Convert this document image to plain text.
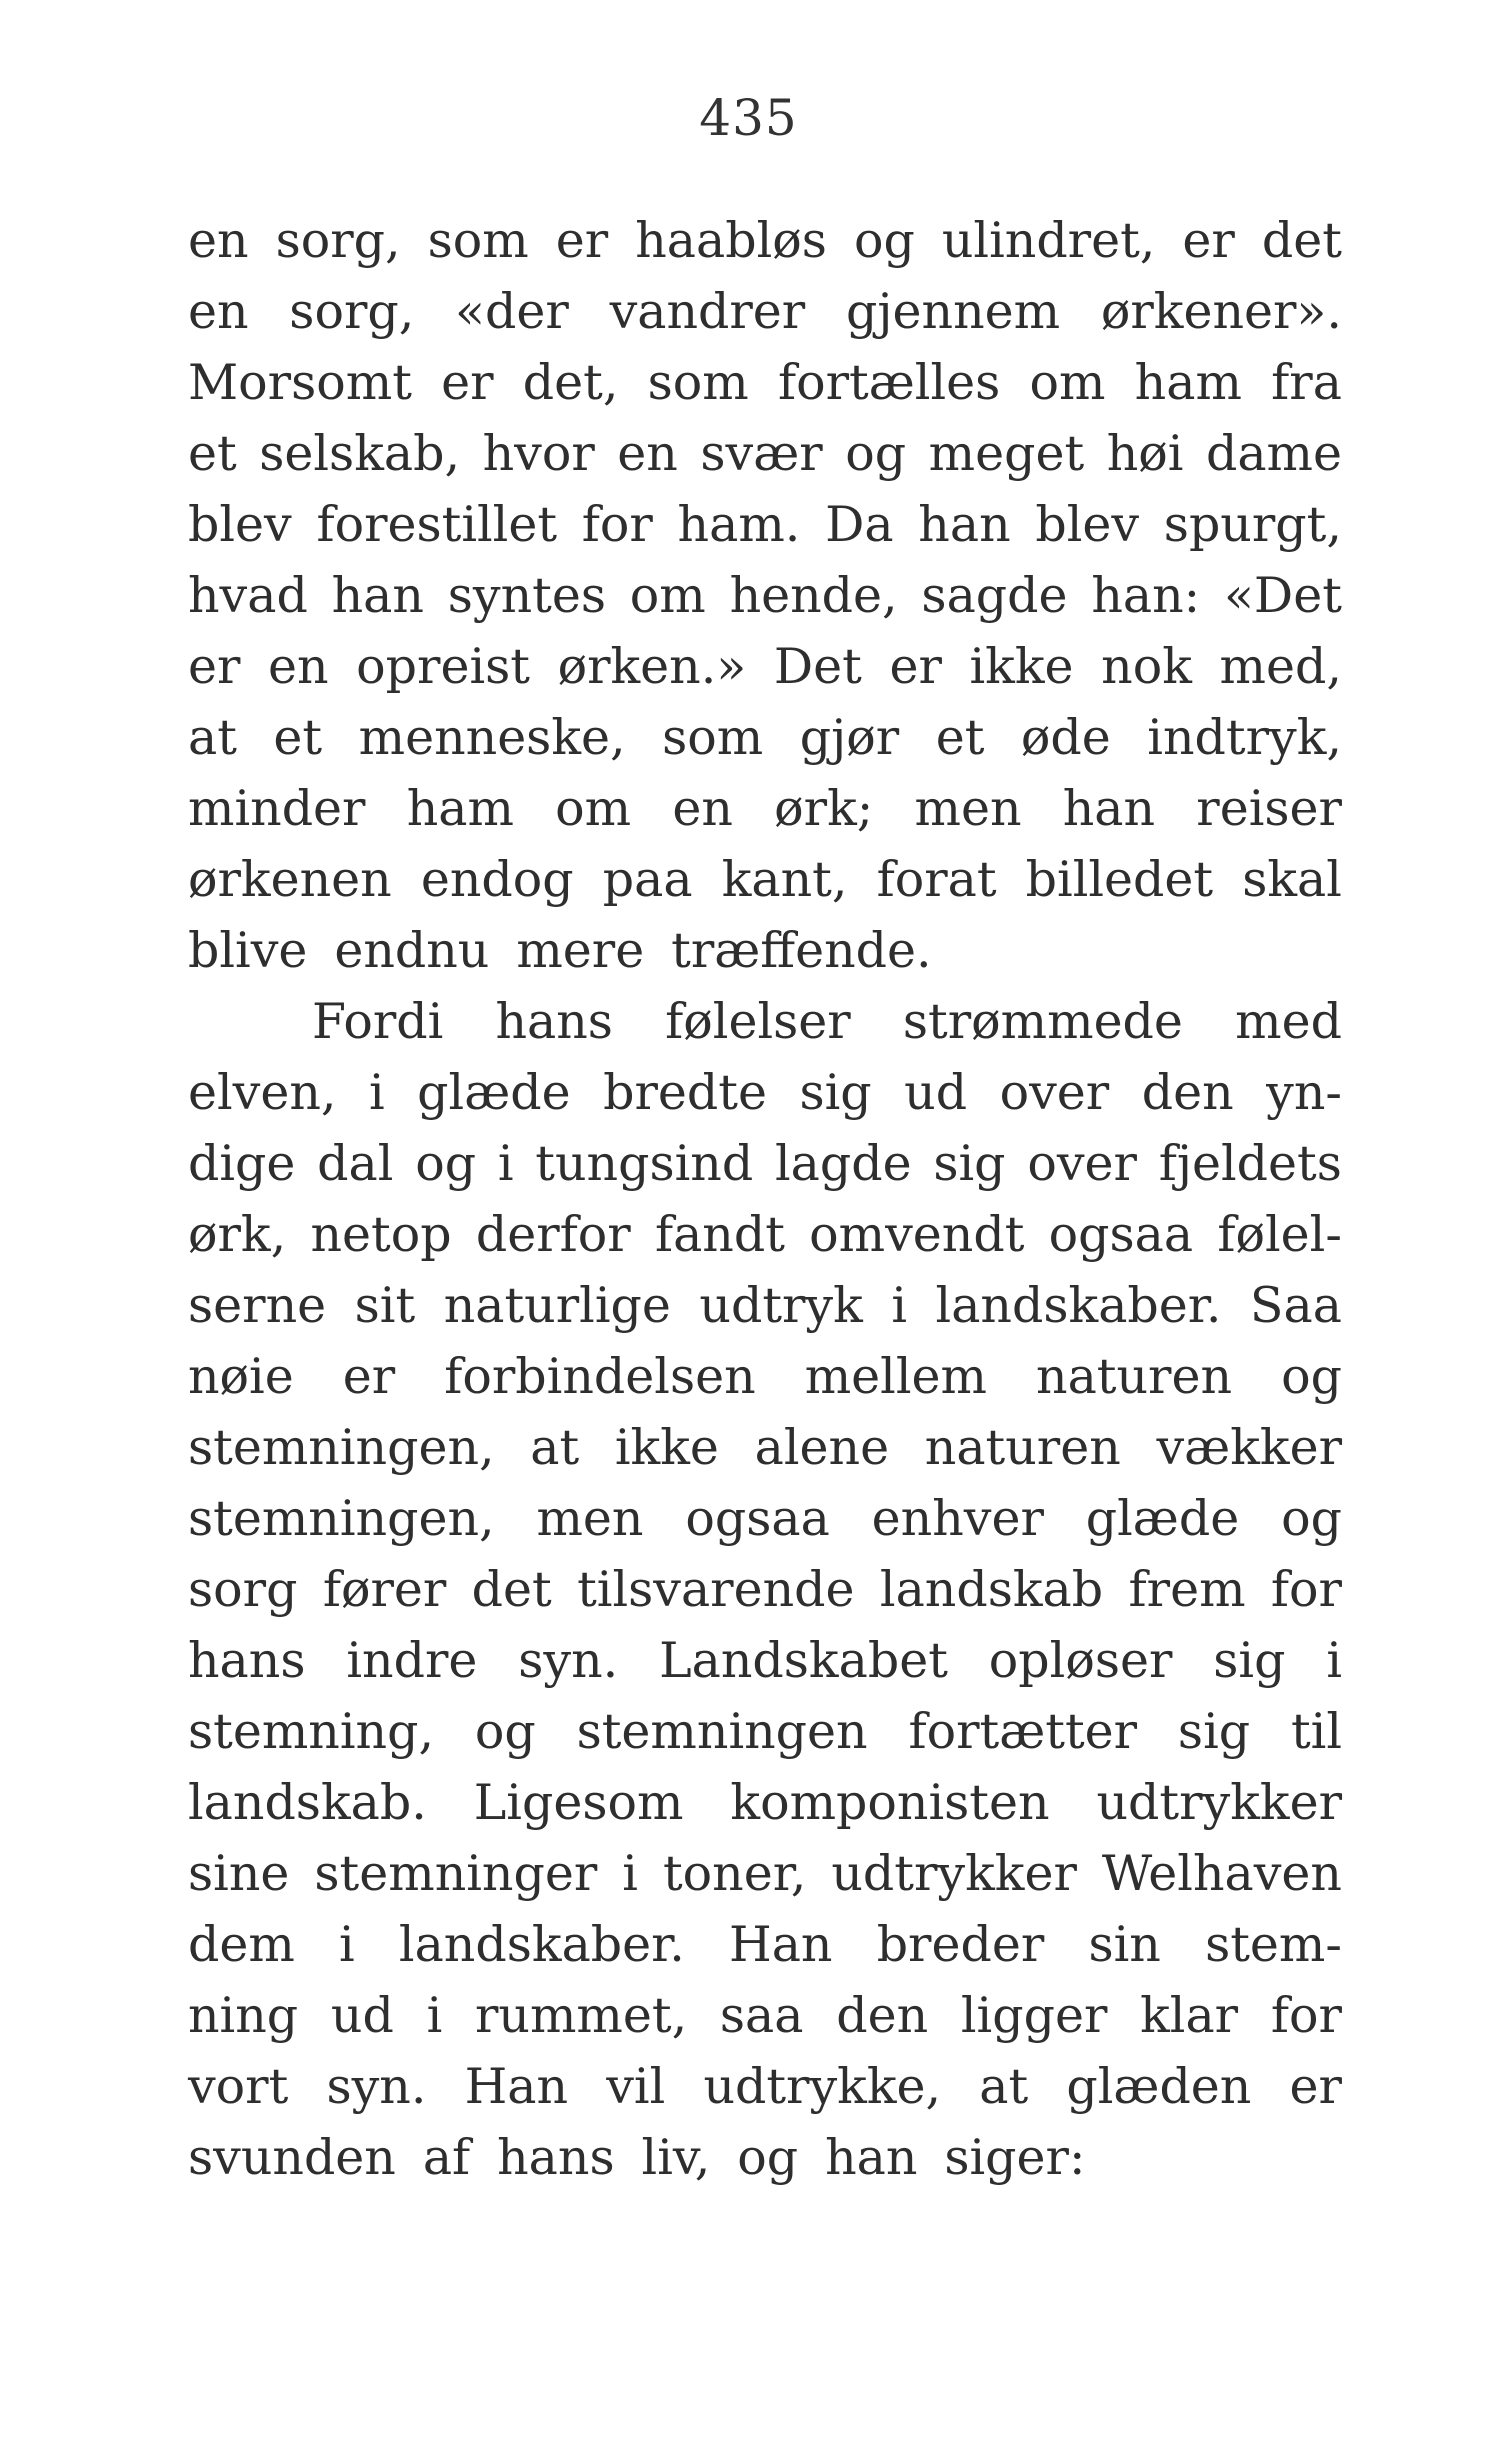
435
en sorg, som er haabløs og ulindret, er det
en sorg, «der vandrer gjennem ørkener».
Morsomt er det, som fortælles om ham fra
et selskab, hvor en svær og meget høi dame
blev forestillet for ham. Da han blev spurgt,
hvad han syntes om hende, sagde han: «Det
er en opreist ørken.» Det er ikke nok med,
at et menneske, som gjør et øde indtryk,
minder ham om en ørk; men han reiser
ørkenen endog paa kant, forat billedet skal
blive endnu mere træffende.
Fordi hans følelser strømmede med
elven, i glæde bredte sig ud over den yn-
dige dal og i tungsind lagde sig over fjeldets
ørk, netop derfor fandt omvendt ogsaa følel-
serne sit naturlige udtryk i landskaber. Saa
nøie er forbindelsen mellem naturen og
stemningen, at ikke alene naturen vækker
stemningen, men ogsaa enhver glæde og
sorg fører det tilsvarende landskab frem for
hans indre syn. Landskabet opløser sig i
stemning, og stemningen fortætter sig til
landskab. Ligesom komponisten udtrykker
sine stemninger i toner, udtrykker Welhaven
dem i landskaber. Han breder sin stem-
ning ud i rummet, saa den ligger klar for
vort syn. Han vil udtrykke, at glæden er
svunden af hans liv, og han siger:
